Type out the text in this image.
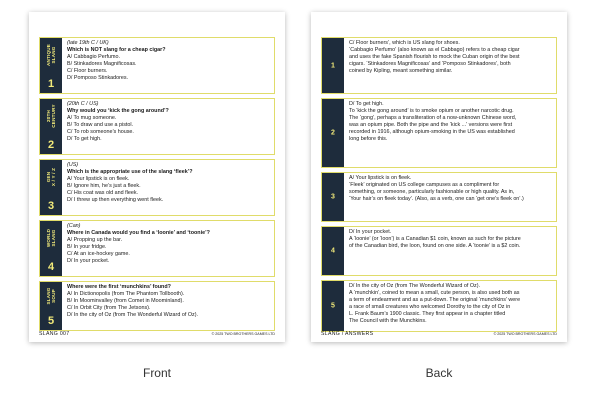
ANTIQUE
SLANG
1
(late 19th C / UK)
Which is NOT slang for a cheap cigar?
A/ Cabbagio Perfumo.
B/ Stinkadores Magnificosas.
C/ Floor burners.
D/ Pomposo Stinkadores.
20TH
CENTURY
2
(20th C / US)
Why would you ‘kick the gong around’?
A/ To mug someone.
B/ To draw and use a pistol.
C/ To rob someone’s house.
D/ To get high.
GEN
X / Y / Z
3
(US)
Which is the appropriate use of the slang ‘fleek’?
A/ Your lipstick is on fleek.
B/ Ignore him, he’s just a fleek.
C/ His coat was old and fleek.
D/ I threw up then everything went fleek.
WORLD
SLANG
4
(Can)
Where in Canada would you find a ‘loonie’ and ‘toonie’?
A/ Propping up the bar.
B/ In your fridge.
C/ At an ice-hockey game.
D/ In your pocket.
SLANG
SOUP
5
Where were the first ‘munchkins’ found?
A/ In Dictionopolis (from The Phantom Tollbooth).
B/ In Moominvalley (from Comet in Moominland).
C/ In Orbit City (from The Jetsons).
D/ In the city of Oz (from The Wonderful Wizard of Oz).
SLANG 007	© 2025 TWO BROTHERS GAMES LTD
1
C/ Floor burners’, which is US slang for shoes.
‘Cabbagio Perfumo’ (also known as el Cabbago) refers to a cheap cigar
and uses the fake Spanish flourish to mock the Cuban origin of the best
cigars. ‘Stinkadores Magnificosas’ and ‘Pomposo Stinkadores’, both
coined by Kipling, meant something similar.
2
D/ To get high.
To ‘kick the gong around’ is to smoke opium or another narcotic drug.
The ‘gong’, perhaps a transliteration of a now-unknown Chinese word,
was an opium pipe. Both the pipe and the ‘kick ...’ versions were first
recorded in 1916, although opium-smoking in the US was established
long before this.
3
A/ Your lipstick is on fleek.
‘Fleek’ originated on US college campuses as a compliment for
something, or someone, particularly fashionable or high quality. As in,
‘Your hair’s on fleek today’. (Also, as a verb, one can ‘get one’s fleek on’.)
4
D/ In your pocket.
A ‘loonie’ (or ‘loon’) is a Canadian $1 coin, known as such for the picture
of the Canadian bird, the loon, found on one side. A ‘toonie’ is a $2 coin.
5
D/ In the city of Oz (from The Wonderful Wizard of Oz).
A ‘munchkin’, coined to mean a small, cute person, is also used both as
a term of endearment and as a put-down. The original ‘munchkins’ were
a race of small creatures who welcomed Dorothy to the city of Oz in
L. Frank Baum’s 1900 classic. They first appear in a chapter titled
The Council with the Munchkins.
SLANG / ANSWERS	© 2025 TWO BROTHERS GAMES LTD
Front	Back
